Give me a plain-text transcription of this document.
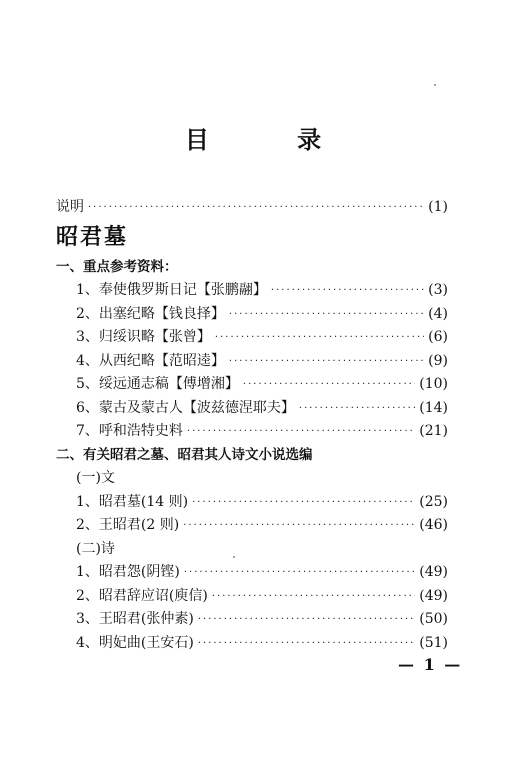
目 录
说明 ·····	(1)
昭君墓
一、重点参考资料：
1、奉使俄罗斯日记【张鹏翮】 ·····	(3)
2、出塞纪略【钱良择】 ·····	(4)
3、归绥识略【张曾】 ·····	(6)
4、从西纪略【范昭逵】 ·····	(9)
5、绥远通志稿【傅增湘】 ·····	(10)
6、蒙古及蒙古人【波兹德涅耶夫】 ·····	(14)
7、呼和浩特史料 ·····	(21)
二、有关昭君之墓、昭君其人诗文小说选编
(一)文
1、昭君墓(14 则) ·····	(25)
2、王昭君(2 则) ·····	(46)
(二)诗
1、昭君怨(阴铿) ·····	(49)
2、昭君辞应诏(庾信) ·····	(49)
3、王昭君(张仲素) ·····	(50)
4、明妃曲(王安石) ·····	(51)
— 1 —
